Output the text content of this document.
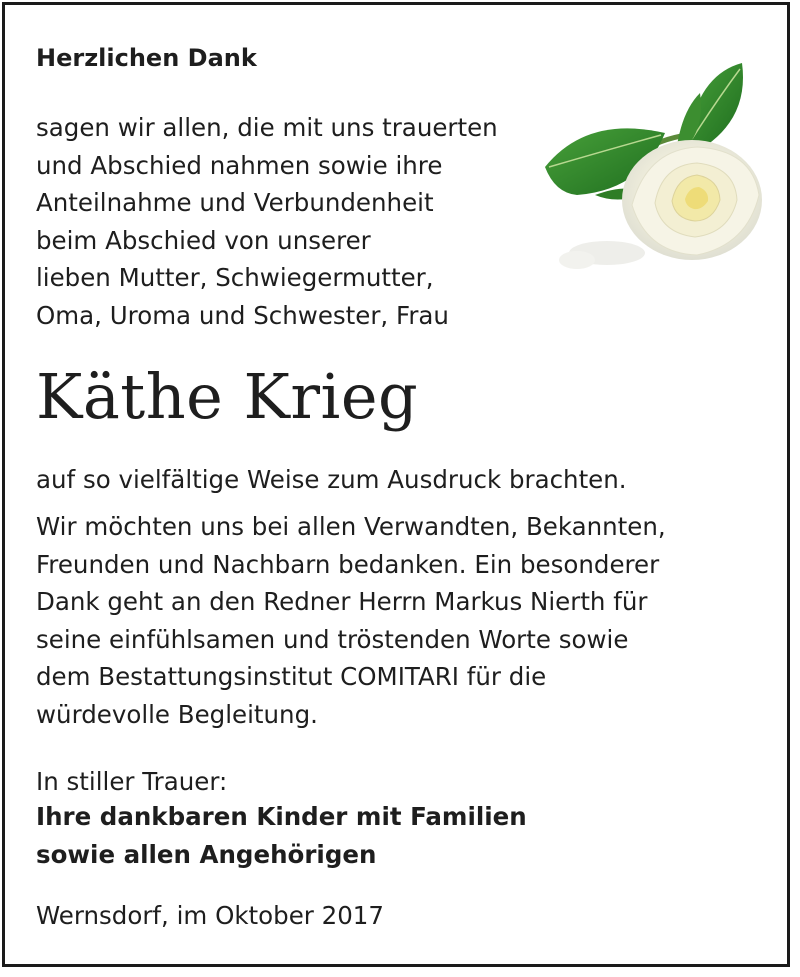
Herzlichen Dank
sagen wir allen, die mit uns trauerten
und Abschied nahmen sowie ihre
Anteilnahme und Verbundenheit
beim Abschied von unserer
lieben Mutter, Schwiegermutter,
Oma, Uroma und Schwester, Frau
Käthe Krieg
auf so vielfältige Weise zum Ausdruck brachten.
Wir möchten uns bei allen Verwandten, Bekannten,
Freunden und Nachbarn bedanken. Ein besonderer
Dank geht an den Redner Herrn Markus Nierth für
seine einfühlsamen und tröstenden Worte sowie
dem Bestattungsinstitut COMITARI für die
würdevolle Begleitung.
In stiller Trauer:
Ihre dankbaren Kinder mit Familien
sowie allen Angehörigen
Wernsdorf, im Oktober 2017
